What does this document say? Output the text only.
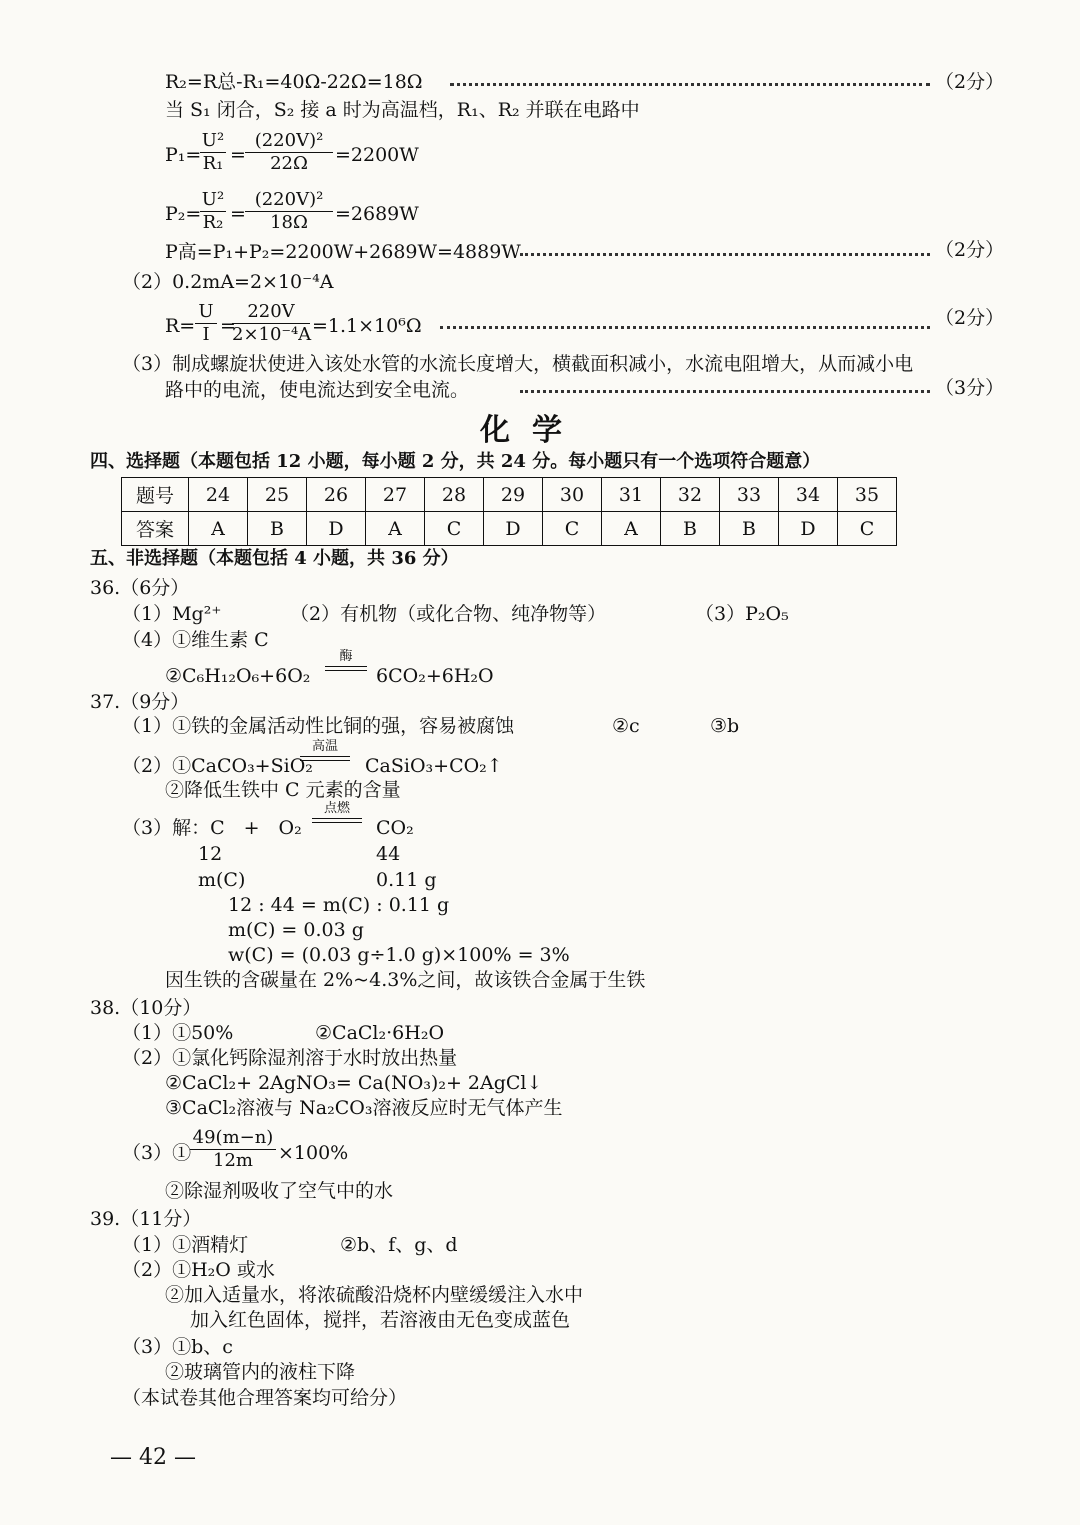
R₂=R总-R₁=40Ω-22Ω=18Ω	（2分）
当 S₁ 闭合，S₂ 接 a 时为高温档，R₁、R₂ 并联在电路中
P₁=
$\frac{\text{U²}}{\text{R₁}} = \frac{\text{(220V)²}}{22\Omega} =2200W$
P₂=
$\frac{\text{U²}}{\text{R₂}} = \frac{\text{(220V)²}}{18\Omega} =2689W$
P高=P₁+P₂=2200W+2689W=4889W	（2分）
（2）0.2mA=2×10⁻⁴A
$R= \frac{U}{I}$ =
$\frac{220V}{\text{2×10⁻⁴A}} =1.1\times 10^6\Omega$	（2分）
（3）制成螺旋状使进入该处水管的水流长度增大，横截面积减小，水流电阻增大，从而减小电
路中的电流，使电流达到安全电流。	（3分）
化学
四、选择题（本题包括 12 小题，每小题 2 分，共 24 分。每小题只有一个选项符合题意）
题号	24	25	26	27	28	29	30	31	32	33	34	35
答案	A	B	D	A	C	D	C	A	B	B	D	C
五、非选择题（本题包括 4 小题，共 36 分）
36.（6分）
（1）Mg²⁺	（2）有机物（或化合物、纯净物等）	（3）P₂O₅
（4）①维生素 C
②C₆H₁₂O₆+6O₂
酶
6CO₂+6H₂O
37.（9分）
（1）①铁的金属活动性比铜的强，容易被腐蚀	②c	③b
（2）①CaCO₃+SiO₂
高温
CaSiO₃+CO₂↑
②降低生铁中 C 元素的含量
（3）解：C　+　O₂
点燃
CO₂
12	44
m(C)	0.11 g
12 : 44 = m(C) : 0.11 g
m(C) = 0.03 g
w(C) = (0.03 g÷1.0 g)×100% = 3%
因生铁的含碳量在 2%~4.3%之间，故该铁合金属于生铁
38.（10分）
（1）①50%	②CaCl₂·6H₂O
（2）①氯化钙除湿剂溶于水时放出热量
②CaCl₂+ 2AgNO₃= Ca(NO₃)₂+ 2AgCl↓
③CaCl₂溶液与 Na₂CO₃溶液反应时无气体产生
（3）①
$\frac{49(m-n)}{12m} \times 100\%$
②除湿剂吸收了空气中的水
39.（11分）
（1）①酒精灯	②b、f、g、d
（2）①H₂O 或水
②加入适量水，将浓硫酸沿烧杯内壁缓缓注入水中
加入红色固体，搅拌，若溶液由无色变成蓝色
（3）①b、c
②玻璃管内的液柱下降
（本试卷其他合理答案均可给分）
— 42 —
